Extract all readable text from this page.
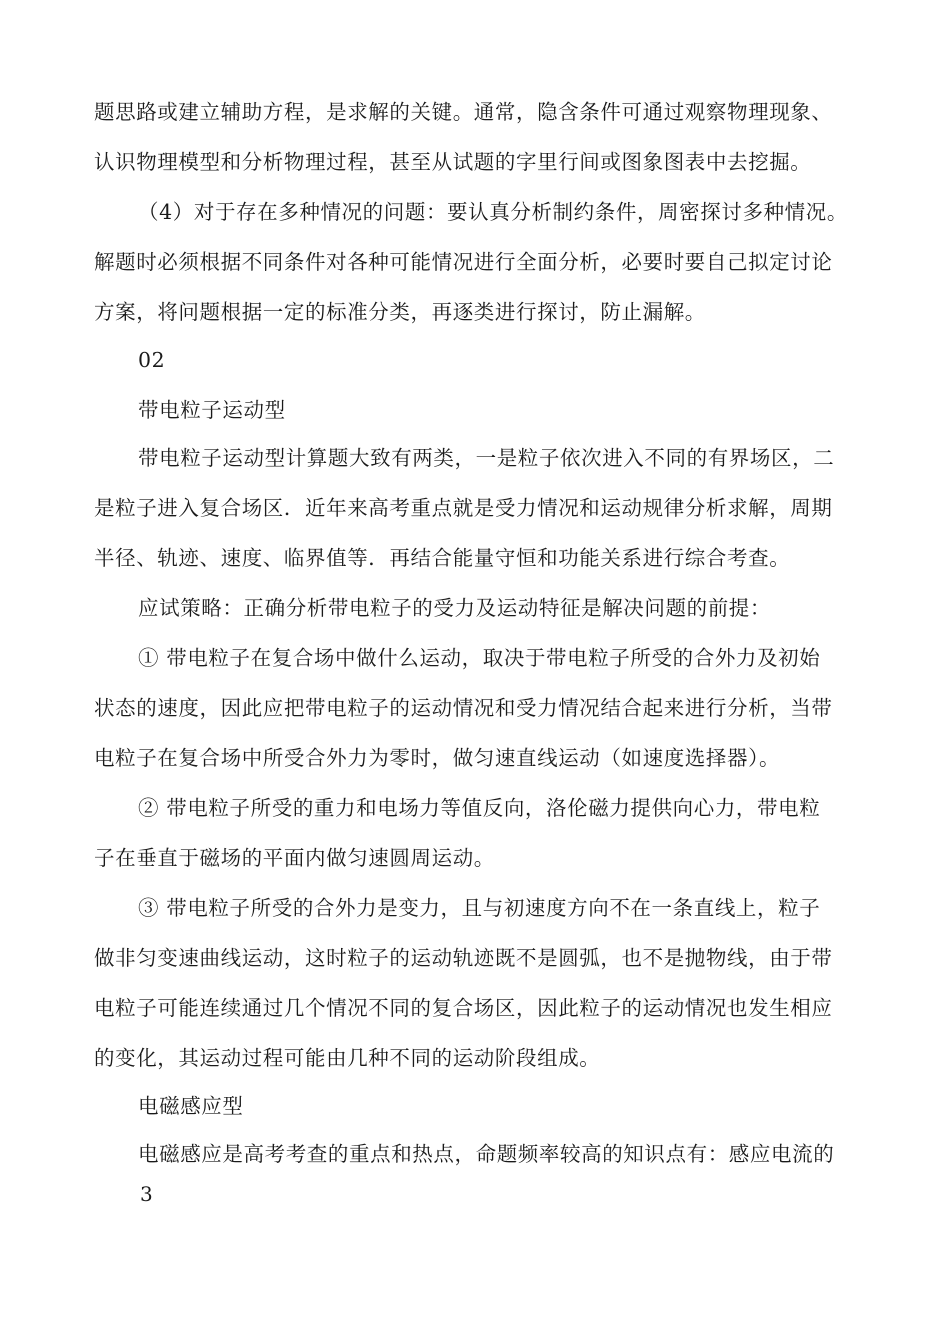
题思路或建立辅助方程，是求解的关键。通常，隐含条件可通过观察物理现象、
认识物理模型和分析物理过程，甚至从试题的字里行间或图象图表中去挖掘。
（4）对于存在多种情况的问题：要认真分析制约条件，周密探讨多种情况。
解题时必须根据不同条件对各种可能情况进行全面分析，必要时要自己拟定讨论
方案，将问题根据一定的标准分类，再逐类进行探讨，防止漏解。
02
带电粒子运动型
带电粒子运动型计算题大致有两类，一是粒子依次进入不同的有界场区，二
是粒子进入复合场区．近年来高考重点就是受力情况和运动规律分析求解，周期
半径、轨迹、速度、临界值等．再结合能量守恒和功能关系进行综合考查。
应试策略：正确分析带电粒子的受力及运动特征是解决问题的前提：
① 带电粒子在复合场中做什么运动，取决于带电粒子所受的合外力及初始
状态的速度，因此应把带电粒子的运动情况和受力情况结合起来进行分析，当带
电粒子在复合场中所受合外力为零时，做匀速直线运动（如速度选择器）。
② 带电粒子所受的重力和电场力等值反向，洛伦磁力提供向心力，带电粒
子在垂直于磁场的平面内做匀速圆周运动。
③ 带电粒子所受的合外力是变力，且与初速度方向不在一条直线上，粒子
做非匀变速曲线运动，这时粒子的运动轨迹既不是圆弧，也不是抛物线，由于带
电粒子可能连续通过几个情况不同的复合场区，因此粒子的运动情况也发生相应
的变化，其运动过程可能由几种不同的运动阶段组成。
电磁感应型
电磁感应是高考考查的重点和热点，命题频率较高的知识点有：感应电流的
3
